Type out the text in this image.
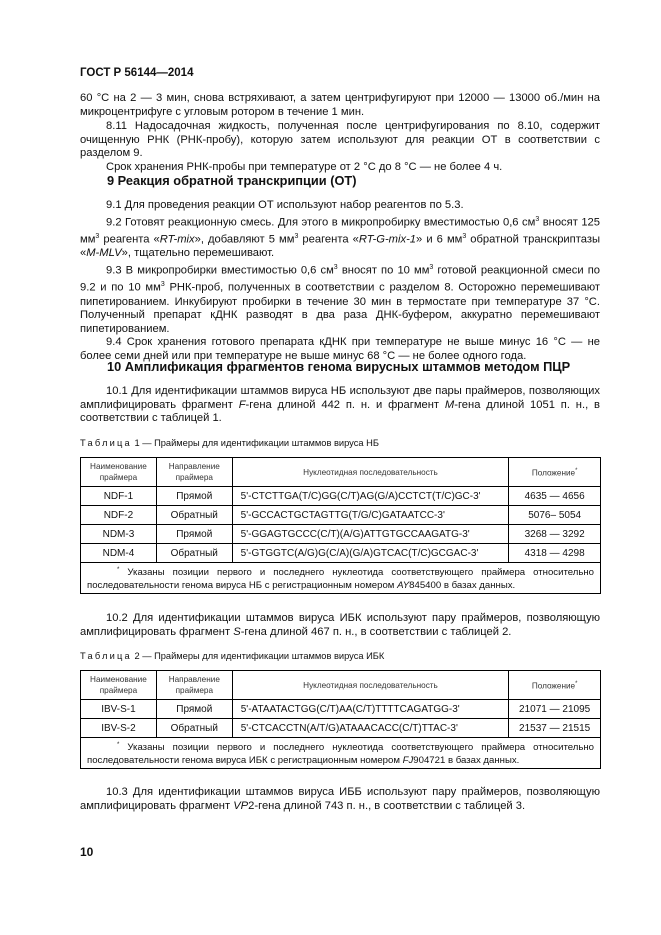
ГОСТ Р 56144—2014

60 °С на 2 — 3 мин, снова встряхивают, а затем центрифугируют при 12000 — 13000 об./мин на микроцентрифуге с угловым ротором в течение 1 мин.

8.11 Надосадочная жидкость, полученная после центрифугирования по 8.10, содержит очищенную РНК (РНК-пробу), которую затем используют для реакции ОТ в соответствии с разделом 9.

Срок хранения РНК-пробы при температуре от 2 °С до 8 °С — не более 4 ч.

9 Реакция обратной транскрипции (ОТ)

9.1 Для проведения реакции ОТ используют набор реагентов по 5.3.

9.2 Готовят реакционную смесь. Для этого в микропробирку вместимостью 0,6 $см^3$ вносят 125 $мм^3$ реагента «RT-mix», добавляют 5 $мм^3$ реагента «RT-G-mix-1» и 6 $мм^3$ обратной транскриптазы «M-MLV», тщательно перемешивают.

9.3 В микропробирки вместимостью 0,6 $см^3$ вносят по 10 $мм^3$ готовой реакционной смеси по 9.2 и по 10 $мм^3$ РНК-проб, полученных в соответствии с разделом 8. Осторожно перемешивают пипетированием. Инкубируют пробирки в течение 30 мин в термостате при температуре 37 °С. Полученный препарат кДНК разводят в два раза ДНК-буфером, аккуратно перемешивают пипетированием.

9.4 Срок хранения готового препарата кДНК при температуре не выше минус 16 °С — не более семи дней или при температуре не выше минус 68 °С — не более одного года.

10 Амплификация фрагментов генома вирусных штаммов методом ПЦР

10.1 Для идентификации штаммов вируса НБ используют две пары праймеров, позволяющих амплифицировать фрагмент F-гена длиной 442 п. н. и фрагмент M-гена длиной 1051 п. н., в соответствии с таблицей 1.

Таблица 1 — Праймеры для идентификации штаммов вируса НБ
Наименование праймера	Направление праймера	Нуклеотидная последовательность	Положение*
NDF-1	Прямой	5'-CTCTTGA(T/C)GG(C/T)AG(G/A)CCTCT(T/C)GC-3'	4635 — 4656
NDF-2	Обратный	5'-GCCACTGCTAGTTG(T/G/C)GATAATCC-3'	5076– 5054
NDM-3	Прямой	5'-GGAGTGCCC(C/T)(A/G)ATTGTGCCAAGATG-3'	3268 — 3292
NDM-4	Обратный	5'-GTGGTC(A/G)G(C/A)(G/A)GTCAC(T/C)GCGAC-3'	4318 — 4298
* Указаны позиции первого и последнего нуклеотида соответствующего праймера относительно последовательности генома вируса НБ с регистрационным номером AY845400 в базах данных.			

10.2 Для идентификации штаммов вируса ИБК используют пару праймеров, позволяющую амплифицировать фрагмент S-гена длиной 467 п. н., в соответствии с таблицей 2.

Таблица 2 — Праймеры для идентификации штаммов вируса ИБК
Наименование праймера	Направление праймера	Нуклеотидная последовательность	Положение*
IBV-S-1	Прямой	5'-ATAATACTGG(C/T)AA(C/T)TTTTCAGATGG-3'	21071 — 21095
IBV-S-2	Обратный	5'-CTCACCTN(A/T/G)ATAAACACC(C/T)TTAC-3'	21537 — 21515
* Указаны позиции первого и последнего нуклеотида соответствующего праймера относительно последовательности генома вируса ИБК с регистрационным номером FJ904721 в базах данных.			

10.3 Для идентификации штаммов вируса ИББ используют пару праймеров, позволяющую амплифицировать фрагмент VP2-гена длиной 743 п. н., в соответствии с таблицей 3.

10
